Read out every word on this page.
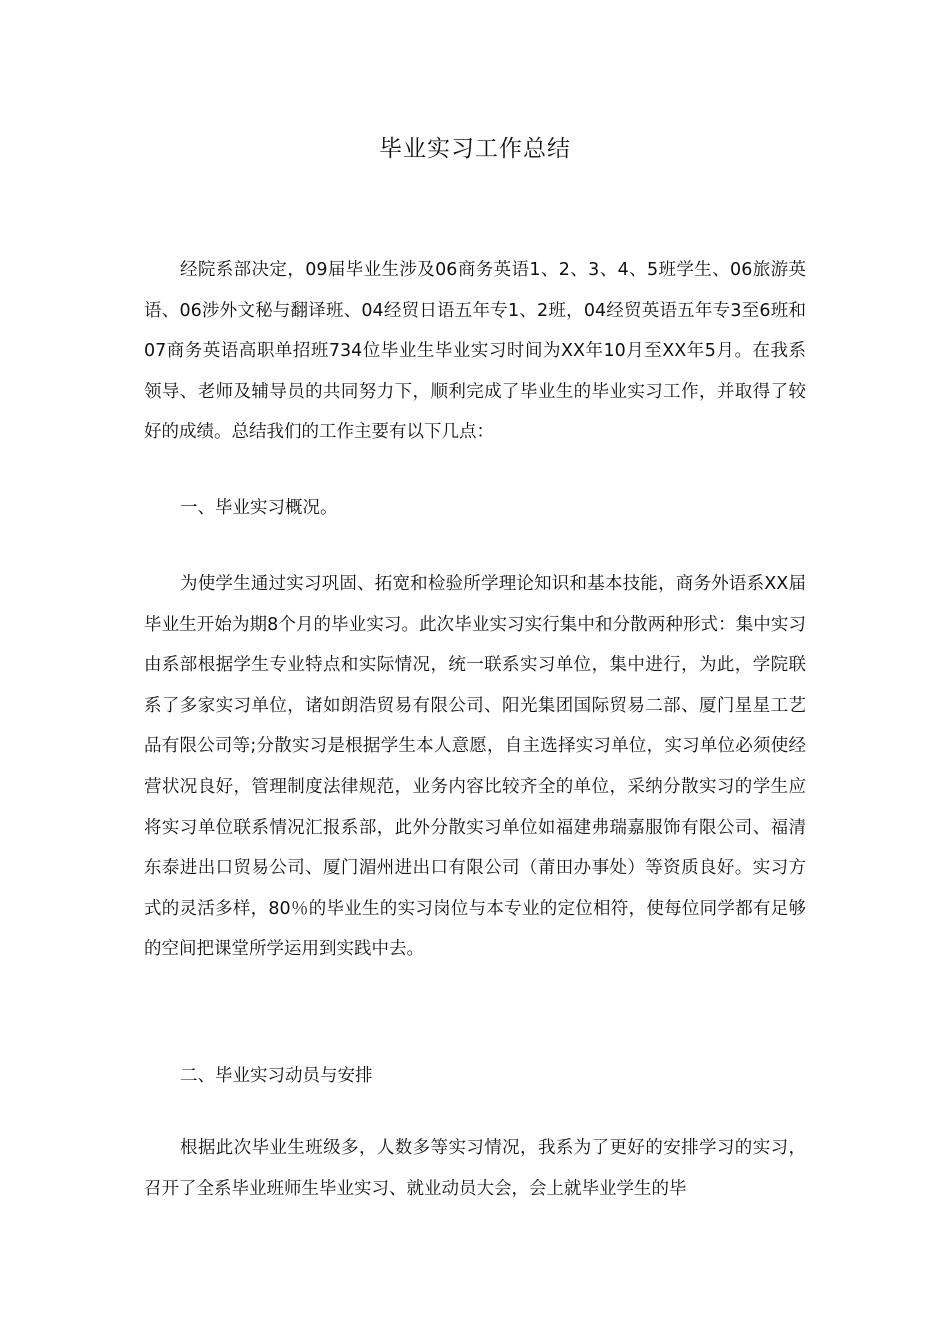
毕业实习工作总结

经院系部决定，09届毕业生涉及06商务英语1、2、3、4、5班学生、06旅游英语、06涉外文秘与翻译班、04经贸日语五年专1、2班，04经贸英语五年专3至6班和07商务英语高职单招班734位毕业生毕业实习时间为XX年10月至XX年5月。在我系领导、老师及辅导员的共同努力下，顺利完成了毕业生的毕业实习工作，并取得了较好的成绩。总结我们的工作主要有以下几点：

一、毕业实习概况。

为使学生通过实习巩固、拓宽和检验所学理论知识和基本技能，商务外语系XX届毕业生开始为期8个月的毕业实习。此次毕业实习实行集中和分散两种形式：集中实习由系部根据学生专业特点和实际情况，统一联系实习单位，集中进行，为此，学院联系了多家实习单位，诸如朗浩贸易有限公司、阳光集团国际贸易二部、厦门星星工艺品有限公司等;分散实习是根据学生本人意愿，自主选择实习单位，实习单位必须使经营状况良好，管理制度法律规范，业务内容比较齐全的单位，采纳分散实习的学生应将实习单位联系情况汇报系部，此外分散实习单位如福建弗瑞嘉服饰有限公司、福清东泰进出口贸易公司、厦门湄州进出口有限公司（莆田办事处）等资质良好。实习方式的灵活多样，80％的毕业生的实习岗位与本专业的定位相符，使每位同学都有足够的空间把课堂所学运用到实践中去。

二、毕业实习动员与安排

根据此次毕业生班级多，人数多等实习情况，我系为了更好的安排学习的实习，召开了全系毕业班师生毕业实习、就业动员大会，会上就毕业学生的毕
